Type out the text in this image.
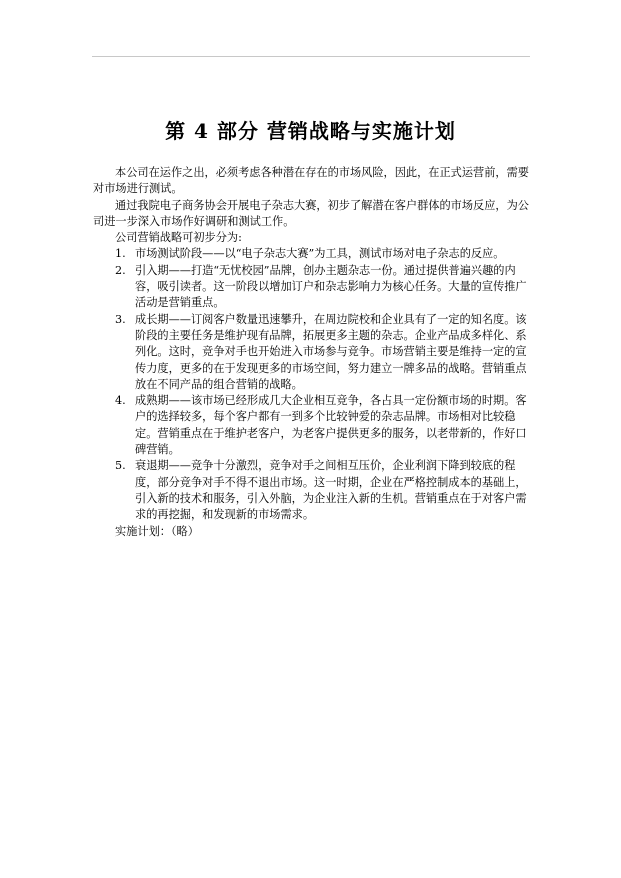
第 4 部分 营销战略与实施计划

本公司在运作之出，必须考虑各种潜在存在的市场风险，因此，在正式运营前，需要对市场进行测试。

通过我院电子商务协会开展电子杂志大赛，初步了解潜在客户群体的市场反应，为公司进一步深入市场作好调研和测试工作。

公司营销战略可初步分为:

1. 市场测试阶段——以“电子杂志大赛”为工具，测试市场对电子杂志的反应。
2. 引入期——打造“无忧校园”品牌，创办主题杂志一份。通过提供普遍兴趣的内容，吸引读者。这一阶段以增加订户和杂志影响力为核心任务。大量的宣传推广活动是营销重点。
3. 成长期——订阅客户数量迅速攀升，在周边院校和企业具有了一定的知名度。该阶段的主要任务是维护现有品牌，拓展更多主题的杂志。企业产品成多样化、系列化。这时，竞争对手也开始进入市场参与竞争。市场营销主要是维持一定的宣传力度，更多的在于发现更多的市场空间，努力建立一牌多品的战略。营销重点放在不同产品的组合营销的战略。
4. 成熟期——该市场已经形成几大企业相互竞争，各占具一定份额市场的时期。客户的选择较多，每个客户都有一到多个比较钟爱的杂志品牌。市场相对比较稳定。营销重点在于维护老客户，为老客户提供更多的服务，以老带新的，作好口碑营销。
5. 衰退期——竞争十分激烈，竞争对手之间相互压价，企业利润下降到较底的程度，部分竞争对手不得不退出市场。这一时期，企业在严格控制成本的基础上，引入新的技术和服务，引入外脑，为企业注入新的生机。营销重点在于对客户需求的再挖掘，和发现新的市场需求。

实施计划：（略）
